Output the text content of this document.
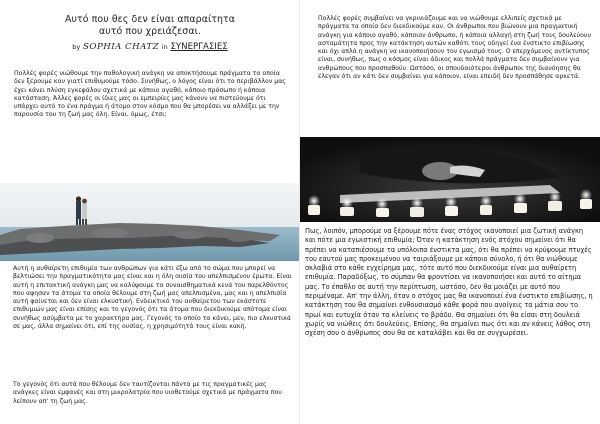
Αυτό που θες δεν είναι απαραίτητα
αυτό που χρειάζεσαι.
by SOPHIA CHATZ in ΣΥΝΕΡΓΑΣΙΕΣ

Πολλές φορές νιώθουμε την παθολογική ανάγκη να αποκτήσουμε πράγματα τα οποία δεν ξέρουμε καν γιατί επιθυμούμε τόσο. Συνήθως, ο λόγος είναι ότι το περιβάλλον μας έχει κάνει πλύση εγκεφάλου σχετικά με κάποιο αγαθό, κάποιο πρόσωπο ή κάποια κατάσταση. Άλλες φορές οι ίδιες μας οι εμπειρίες μας κάνουν να πιστεύουμε ότι υπάρχει αυτό το ένα πράγμα ή άτομο στον κόσμο που θα μπορέσει να αλλάξει με την παρουσία του τη ζωή μας όλη. Είναι, όμως, έτσι;

Αυτή η αυθαίρετη επιθυμία των ανθρώπων για κάτι έξω από το σώμα που μπορεί να βελτιώσει την πραγματικότητα μας είναι και η όλη ουσία του απελπισμένου έρωτα. Είναι αυτή η επιτακτική ανάγκη μας να καλύψουμε τα συναισθηματικά κενά του παρελθόντος που αφησαν τα άτομα τα οποία θέλουμε στη ζωή μας απελπισμένα, μας και η απελπισία αυτή φαίνεται και δεν είναι ελκυστική. Ενδεικτικό του αυθαίρετου των εκάστοτε επιθυμιών μας είναι επίσης και το γεγονός ότι τα άτομα που διεκδικούμε απότομα είναι συνήθως ασύμβατα με το χαρακτήρα μας. Γεγονός το οποίο τα κάνει, μεν, πιο ελκυστικά σε μας, άλλα σημαίνει ότι, επί της ουσίας, η χρησιμότητά τους είναι κακή.

Το γεγονός ότι αυτά που θέλουμε δεν ταυτίζονται πάντα με τις πραγματικές μας ανάγκες είναι εμφανές και στη μικρολατρία που υιοθετούμε σχετικά με πράγματα που λείπουν απ' τη ζωή μας.

Πολλές φορές συμβαίνει να γκρινιάζουμε και να νιώθουμε ελλιπείς σχετικά με πράγματα τα οποία δεν διεκδικούμε καν. Οι άνθρωποι που βιώνουν μια πραγματική ανάγκη για κάποιο αγαθό, κάποιον άνθρωπο, ή κάποια αλλαγή στη ζωή τους δουλεύουν ασταμάτητα προς την κατάκτηση αυτών καθότι τους οδηγεί ένα ένστικτο επιβίωσης και όχι απλά η ανάγκη να ικανοποιήσουν τον εγωισμό τους. Ο επερχόμενος αντίκτυπος είναι, συνήθως, πως ο κόσμος είναι άδικος και πολλά πράγματα δεν συμβαίνουν για ανθρώπους που προσπαθούν. Ωστόσο, οι σπουδαιότεροι άνθρωποι της διανόησης θα έλεγαν ότι αν κάτι δεν συμβαίνει για κάποιον, είναι επειδή δεν προσπάθησε αρκετά.

Πως, λοιπόν, μπορούμε να ξέρουμε πότε ένας στόχος ικανοποιεί μια ζωτική ανάγκη και πότε μια εγωιστική επιθυμία; Όταν η κατάκτηση ενός στόχου σημαίνει ότι θα πρέπει να καταπιέσουμε τα υπόλοιπα ένστικτα μας, ότι θα πρέπει να κρύψουμε πτυχές του εαυτού μας προκειμένου να ταιριάξουμε με κάποιο σύνολο, ή ότι θα νιώθουμε σκλαβιά στο κάθε εγχείρημα μας, τότε αυτό που διεκδικούμε είναι μια αυθαίρετη επιθυμία. Παραδόξως, το σύμπαν θα φροντίσει να ικανοποιήσει και αυτό το αίτημα μας. Το έπαθλο σε αυτή την περίπτωση, ωστόσο, δεν θα μοιάζει με αυτό που περιμέναμε. Απ' την άλλη, όταν ο στόχος μας θα ικανοποιεί ένα ένστικτο επιβίωσης, η κατάκτηση του θα σημαίνει ενθουσιασμό κάθε φορά που ανοίγεις τα μάτια σου το πρωί και ευτυχία όταν τα κλείνεις το βράδυ. Θα σημαίνει ότι θα είσαι στη δουλειά χωρίς να νιώθεις ότι δουλεύεις. Επίσης, θα σημαίνει πως ότι και αν κάνεις λάθος στη σχέση σου ο άνθρωπος σου θα σε καταλάβει και θα σε συγχωρέσει.
